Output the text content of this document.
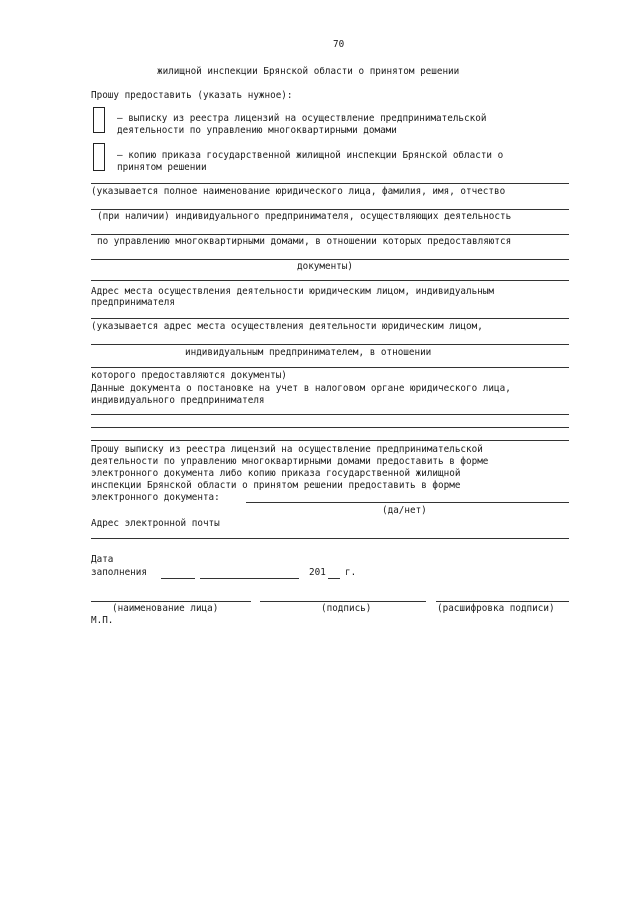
70
жилищной инспекции Брянской области о принятом решении
Прошу предоставить (указать нужное):
– выписку из реестра лицензий на осуществление предпринимательской
деятельности по управлению многоквартирными домами
– копию приказа государственной жилищной инспекции Брянской области о
принятом решении
(указывается полное наименование юридического лица, фамилия, имя, отчество
(при наличии) индивидуального предпринимателя, осуществляющих деятельность
по управлению многоквартирными домами, в отношении которых предоставляются
документы)
Адрес места осуществления деятельности юридическим лицом, индивидуальным
предпринимателя
(указывается адрес места осуществления деятельности юридическим лицом,
индивидуальным предпринимателем, в отношении
которого предоставляются документы)
Данные документа о постановке на учет в налоговом органе юридического лица,
индивидуального предпринимателя
Прошу выписку из реестра лицензий на осуществление предпринимательской
деятельности по управлению многоквартирными домами предоставить в форме
электронного документа либо копию приказа государственной жилищной
инспекции Брянской области о принятом решении предоставить в форме
электронного документа:
(да/нет)
Адрес электронной почты
Дата
заполнения	201 г.
(наименование лица)	(подпись)	(расшифровка подписи)
М.П.
